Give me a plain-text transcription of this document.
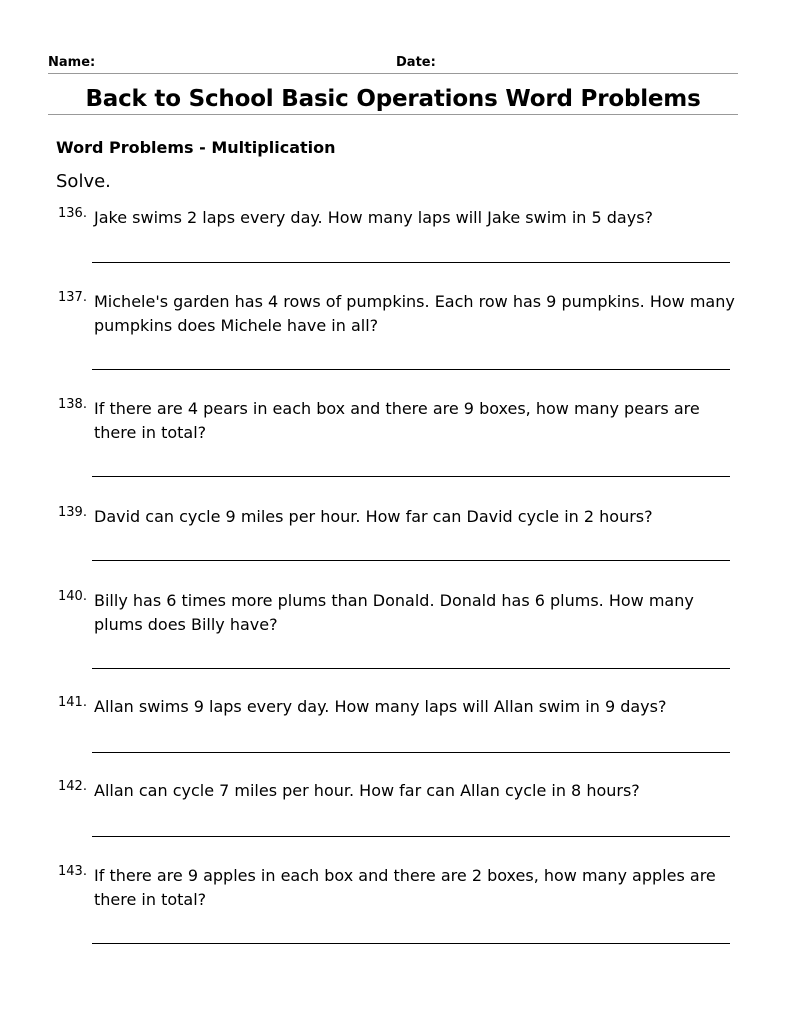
Name:	Date:
Back to School Basic Operations Word Problems
Word Problems - Multiplication
Solve.
136. Jake swims 2 laps every day. How many laps will Jake swim in 5 days?
137. Michele's garden has 4 rows of pumpkins. Each row has 9 pumpkins. How many pumpkins does Michele have in all?
138. If there are 4 pears in each box and there are 9 boxes, how many pears are there in total?
139. David can cycle 9 miles per hour. How far can David cycle in 2 hours?
140. Billy has 6 times more plums than Donald. Donald has 6 plums. How many plums does Billy have?
141. Allan swims 9 laps every day. How many laps will Allan swim in 9 days?
142. Allan can cycle 7 miles per hour. How far can Allan cycle in 8 hours?
143. If there are 9 apples in each box and there are 2 boxes, how many apples are there in total?
